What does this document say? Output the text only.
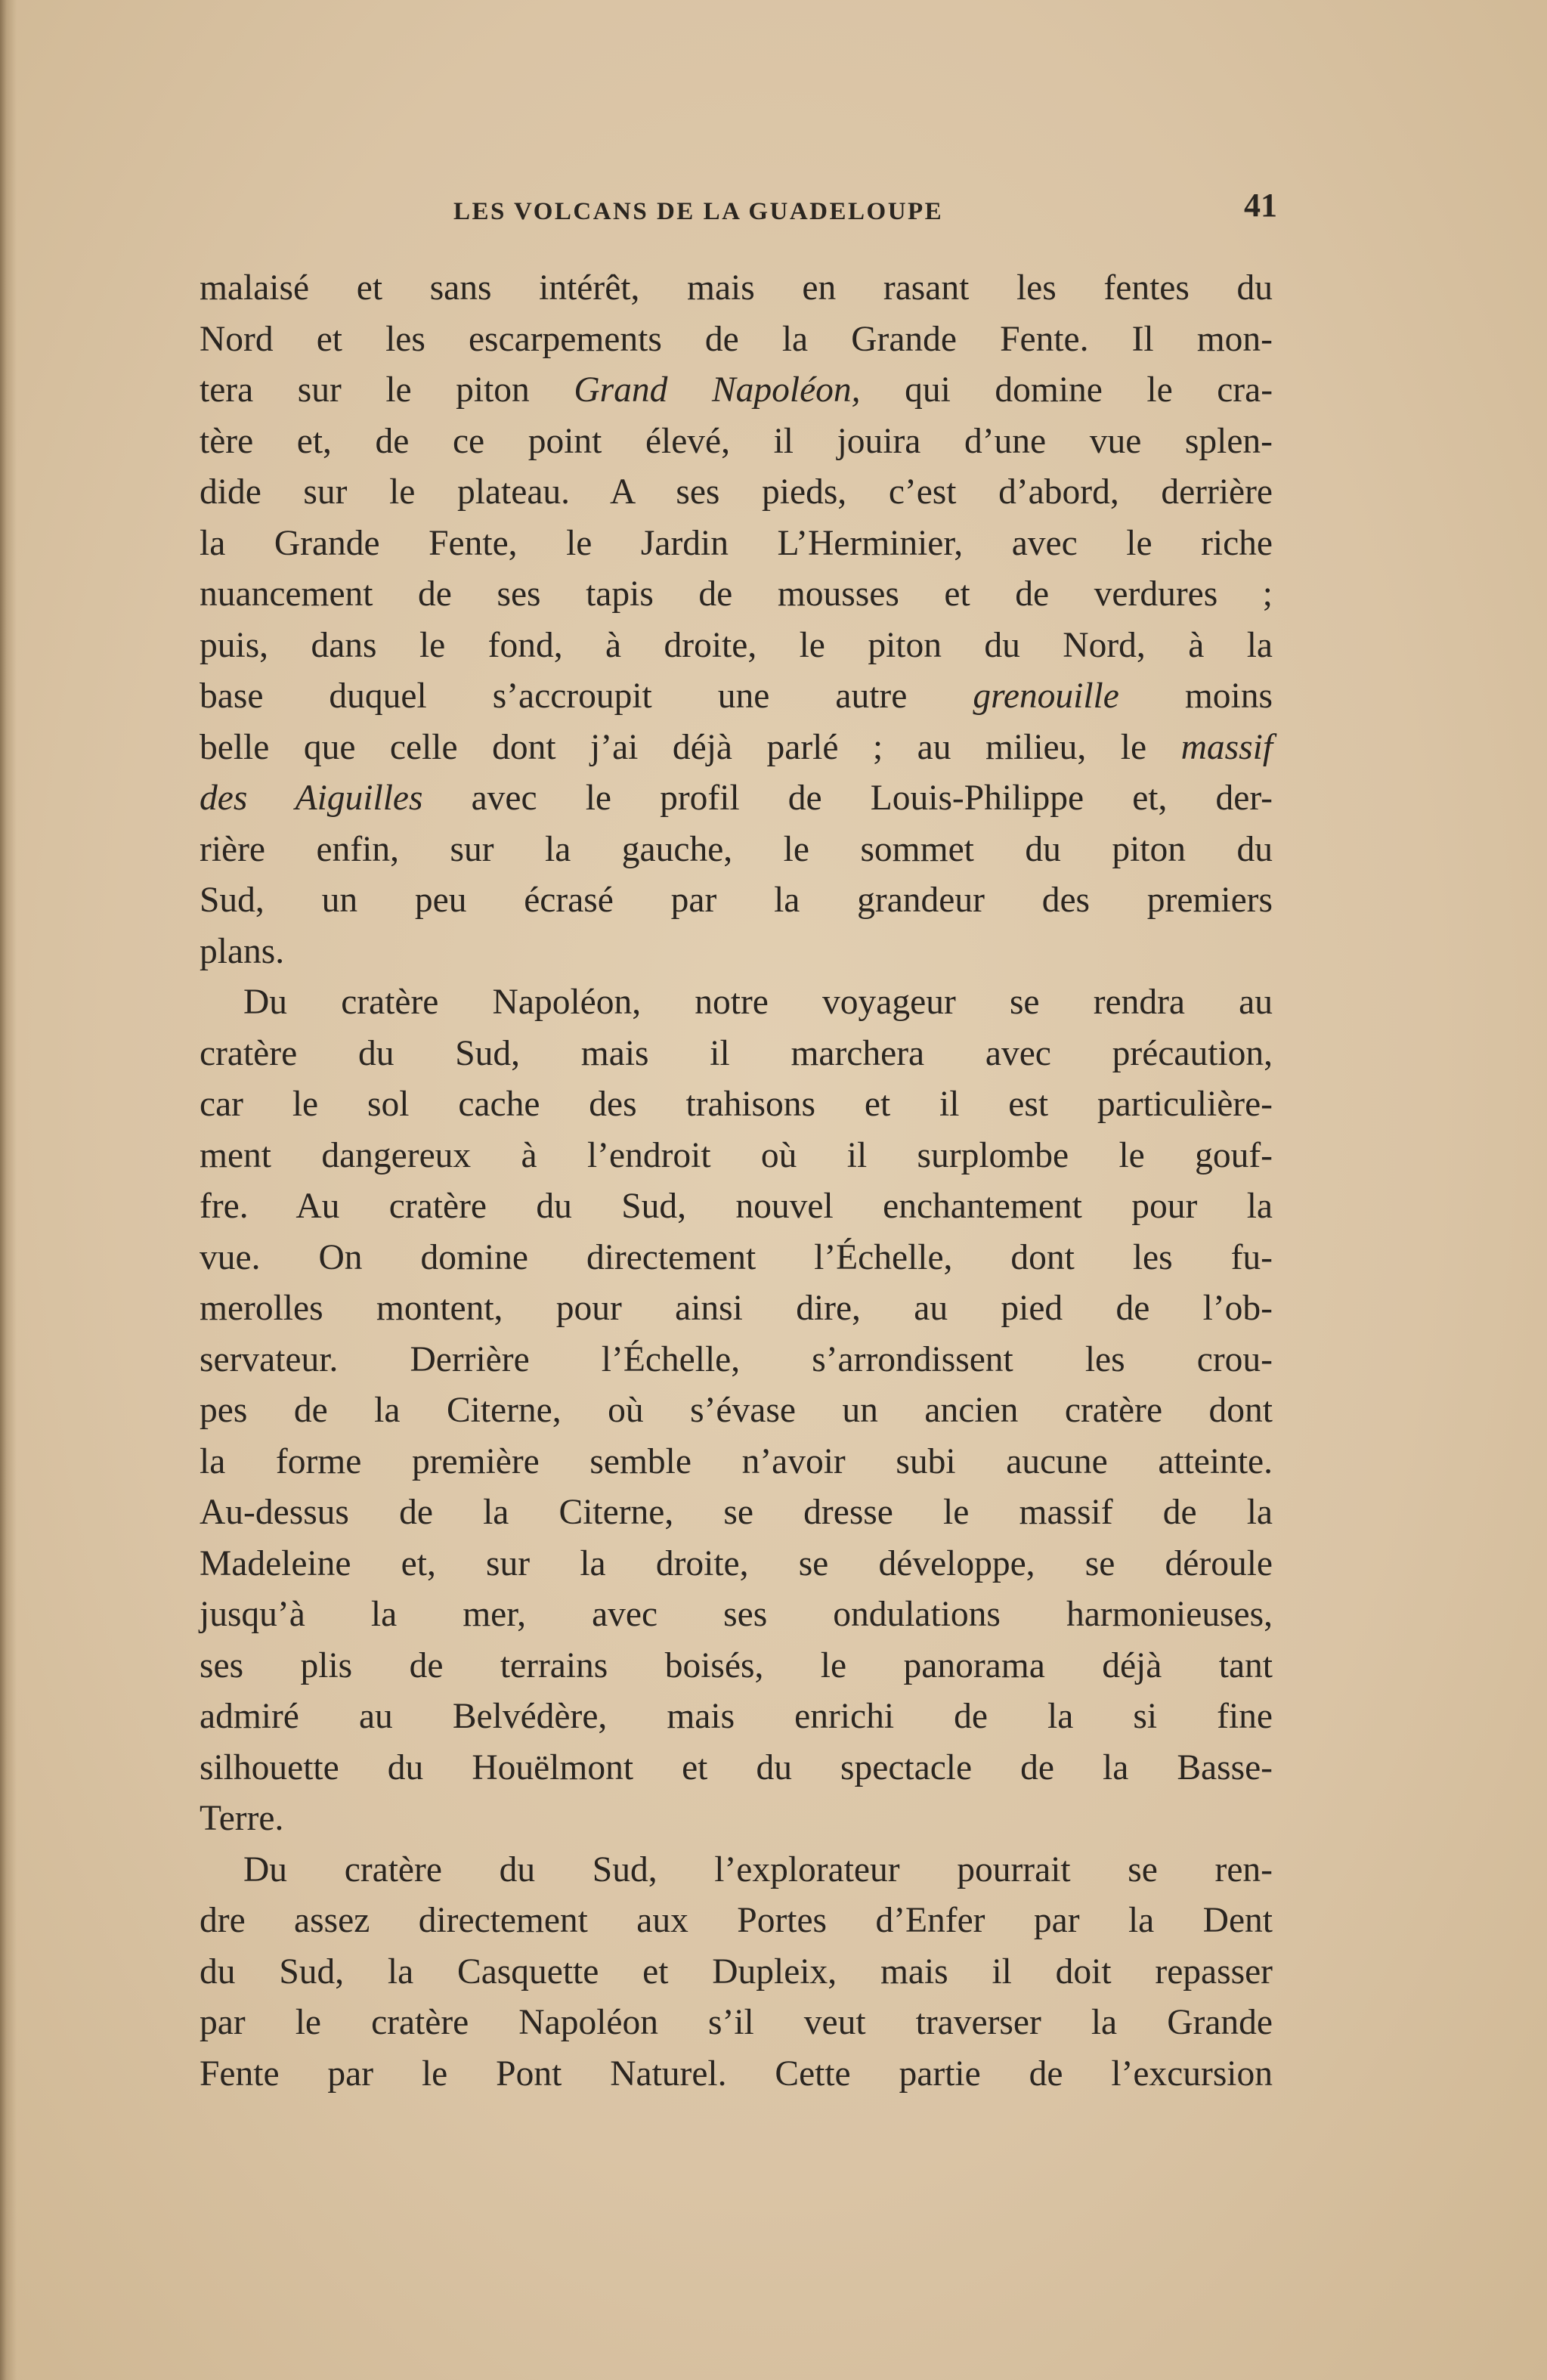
LES VOLCANS DE LA GUADELOUPE	41
malaisé et sans intérêt, mais en rasant les fentes du
Nord et les escarpements de la Grande Fente. Il mon-
tera sur le piton Grand Napoléon, qui domine le cra-
tère et, de ce point élevé, il jouira d’une vue splen-
dide sur le plateau. A ses pieds, c’est d’abord, derrière
la Grande Fente, le Jardin L’Herminier, avec le riche
nuancement de ses tapis de mousses et de verdures ;
puis, dans le fond, à droite, le piton du Nord, à la
base duquel s’accroupit une autre grenouille moins
belle que celle dont j’ai déjà parlé ; au milieu, le massif
des Aiguilles avec le profil de Louis-Philippe et, der-
rière enfin, sur la gauche, le sommet du piton du
Sud, un peu écrasé par la grandeur des premiers
plans.
Du cratère Napoléon, notre voyageur se rendra au
cratère du Sud, mais il marchera avec précaution,
car le sol cache des trahisons et il est particulière-
ment dangereux à l’endroit où il surplombe le gouf-
fre. Au cratère du Sud, nouvel enchantement pour la
vue. On domine directement l’Échelle, dont les fu-
merolles montent, pour ainsi dire, au pied de l’ob-
servateur. Derrière l’Échelle, s’arrondissent les crou-
pes de la Citerne, où s’évase un ancien cratère dont
la forme première semble n’avoir subi aucune atteinte.
Au-dessus de la Citerne, se dresse le massif de la
Madeleine et, sur la droite, se développe, se déroule
jusqu’à la mer, avec ses ondulations harmonieuses,
ses plis de terrains boisés, le panorama déjà tant
admiré au Belvédère, mais enrichi de la si fine
silhouette du Houëlmont et du spectacle de la Basse-
Terre.
Du cratère du Sud, l’explorateur pourrait se ren-
dre assez directement aux Portes d’Enfer par la Dent
du Sud, la Casquette et Dupleix, mais il doit repasser
par le cratère Napoléon s’il veut traverser la Grande
Fente par le Pont Naturel. Cette partie de l’excursion
